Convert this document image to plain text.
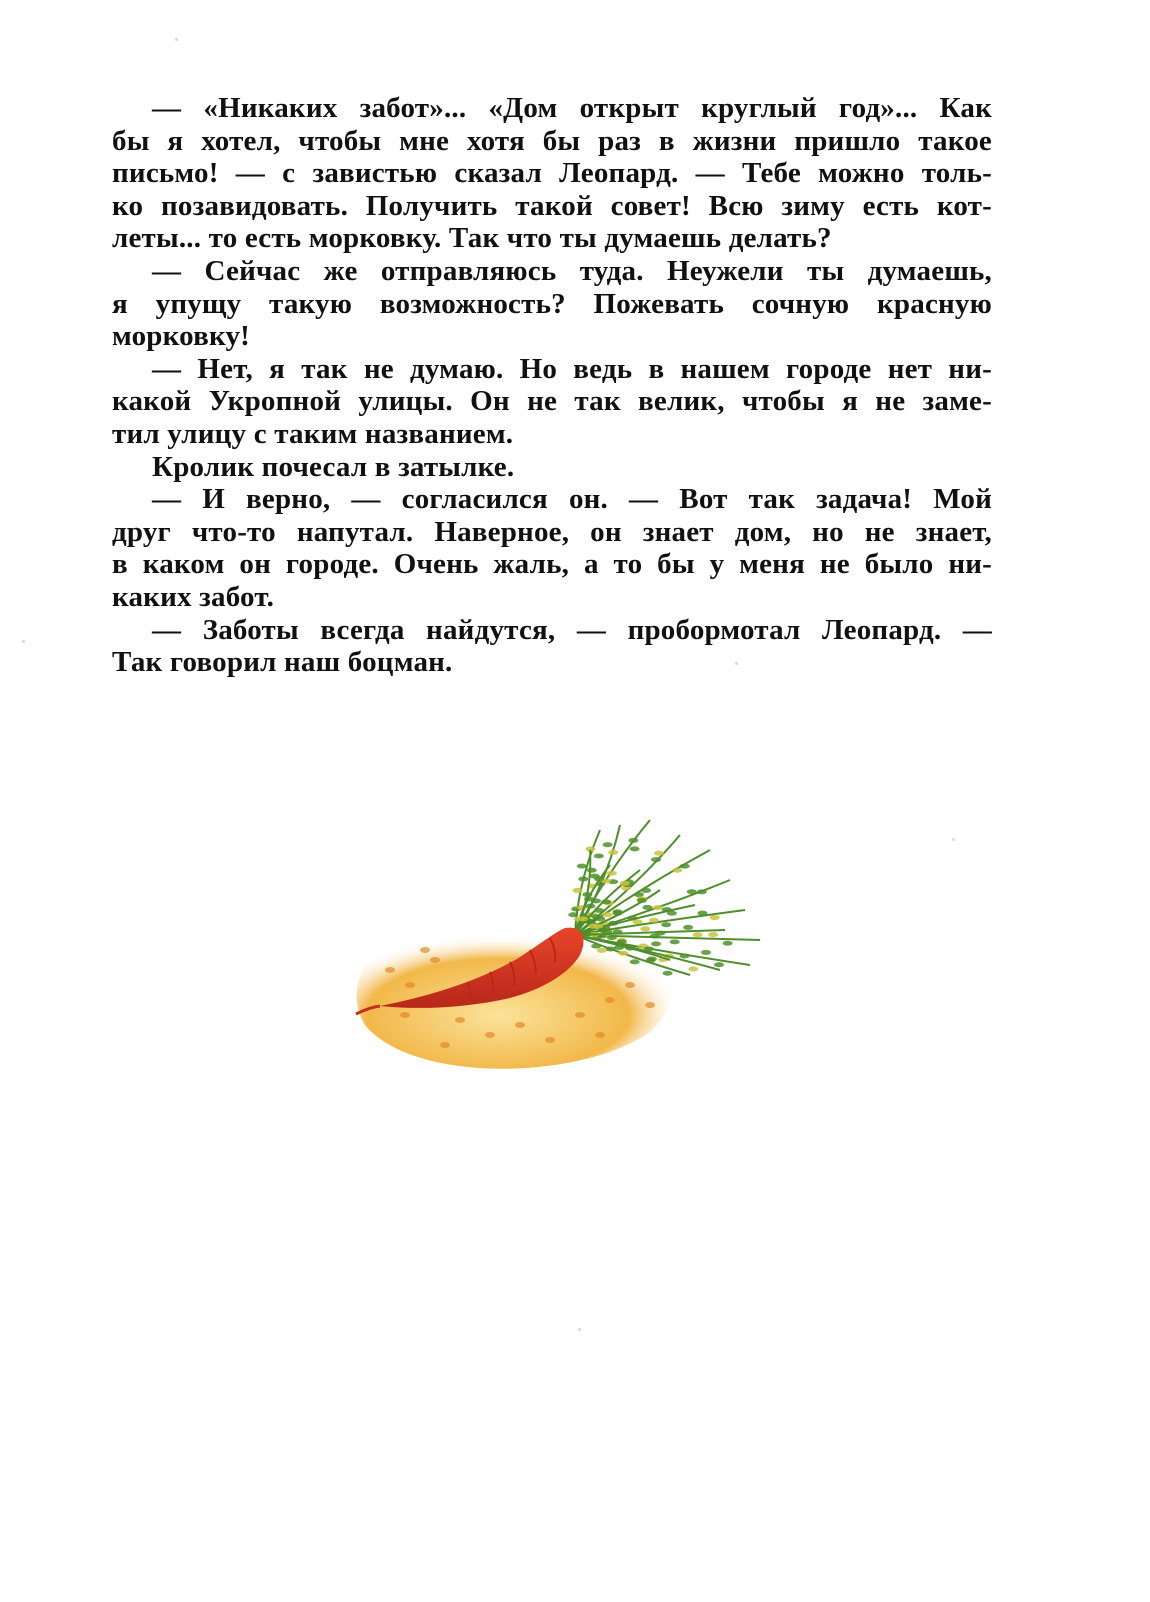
— «Никаких забот»... «Дом открыт круглый год»... Как
бы я хотел, чтобы мне хотя бы раз в жизни пришло такое
письмо! — с завистью сказал Леопард. — Тебе можно толь-
ко позавидовать. Получить такой совет! Всю зиму есть кот-
леты... то есть морковку. Так что ты думаешь делать?
— Сейчас же отправляюсь туда. Неужели ты думаешь,
я упущу такую возможность? Пожевать сочную красную
морковку!
— Нет, я так не думаю. Но ведь в нашем городе нет ни-
какой Укропной улицы. Он не так велик, чтобы я не заме-
тил улицу с таким названием.
Кролик почесал в затылке.
— И верно, — согласился он. — Вот так задача! Мой
друг что-то напутал. Наверное, он знает дом, но не знает,
в каком он городе. Очень жаль, а то бы у меня не было ни-
каких забот.
— Заботы всегда найдутся, — пробормотал Леопард. —
Так говорил наш боцман.
